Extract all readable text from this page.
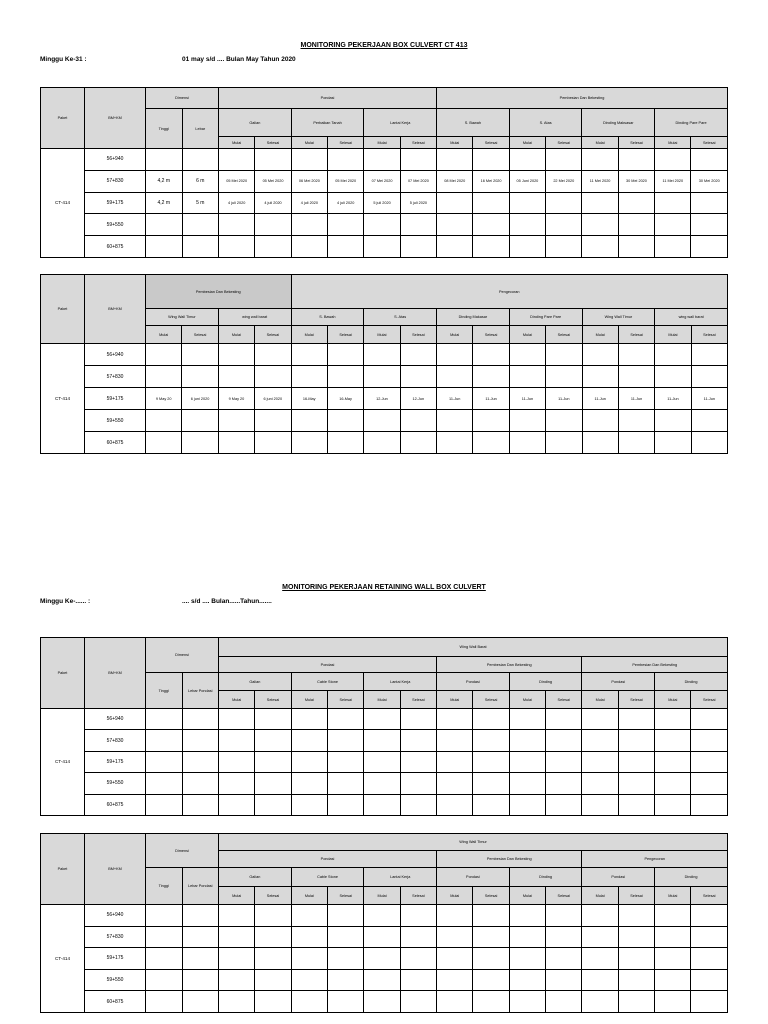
MONITORING PEKERJAAN BOX CULVERT CT 413
Minggu Ke-31 :	01 may s/d .... Bulan May Tahun 2020
Paket	BM+KM	Dimensi		Pondasi						Pembesian Dan Bekesting							
		Tinggi	Lebar	Galian		Perbaikan Tanah		Lantai Kerja		S. Bawah		S. Atas		Dinding Maksasar		Dinding Pare Pare	
				Mulai	Selesai	Mulai	Selesai	Mulai	Selesai	Mulai	Selesai	Mulai	Selesai	Mulai	Selesai	Mulai	Selesai
CT-414	56+940																
	57+830	4,2 m	6 m	05 Mei 2020	05 Mei 2020	06 Mei 2020	05 Mei 2020	07 Mei 2020	07 Mei 2020	08 Mei 2020	16 Mei 2020	05 Juni 2020	22 Mei 2020	11 Mei 2020	30 Mei 2020	11 Mei 2020	30 Mei 2020
	59+175	4,2 m	5 m	4 juli 2020	4 juli 2020	4 juli 2020	4 juli 2020	5 juli 2020	5 juli 2020								
	59+550																
	60+875																
Paket	BM+KM	Pembesian Dan Bekesting				Pengecoran											
		Wing Wall Timur		wing wall barat		S. Bawah		S. Atas		Dinding Makasar		Dinding Pare Pare		Wing Wall Timur		wing wall barat	
		Mulai	Selesai	Mulai	Selesai	Mulai	Selesai	Mulai	Selesai	Mulai	Selesai	Mulai	Selesai	Mulai	Selesai	Mulai	Selesai
CT-414	56+940																
	57+830																
	59+175	9 May 20	6 juni 2020	9 May 20	6 juni 2020	16-May	16-May	12-Jun	12-Jun	11-Jun	11-Jun	11-Jun	11-Jun	11-Jun	11-Jun	11-Jun	11-Jun
	59+550																
	60+875																
MONITORING PEKERJAAN RETAINING WALL BOX CULVERT
Minggu Ke-...... :	.... s/d .... Bulan......Tahun.......
Paket	BM+KM	Dimensi		Wing Wall Barat													
				Pondasi						Pembesian Dan Bekesting				Pembesian Dan Bekesting			
		Tinggi	Lebar Pondasi	Galian		Cable Stone		Lantai Kerja		Pondasi		Dinding		Pondasi		Dinding	
				Mulai	Selesai	Mulai	Selesai	Mulai	Selesai	Mulai	Selesai	Mulai	Selesai	Mulai	Selesai	Mulai	Selesai
CT-414	56+940																
	57+830																
	59+175																
	59+550																
	60+875																
Paket	BM+KM	Dimensi		Wing Wall Timur													
				Pondasi						Pembesian Dan Bekesting				Pengecoran			
		Tinggi	Lebar Pondasi	Galian		Cable Stone		Lantai Kerja		Pondasi		Dinding		Pondasi		Dinding	
				Mulai	Selesai	Mulai	Selesai	Mulai	Selesai	Mulai	Selesai	Mulai	Selesai	Mulai	Selesai	Mulai	Selesai
CT-414	56+940																
	57+830																
	59+175																
	59+550																
	60+875																
